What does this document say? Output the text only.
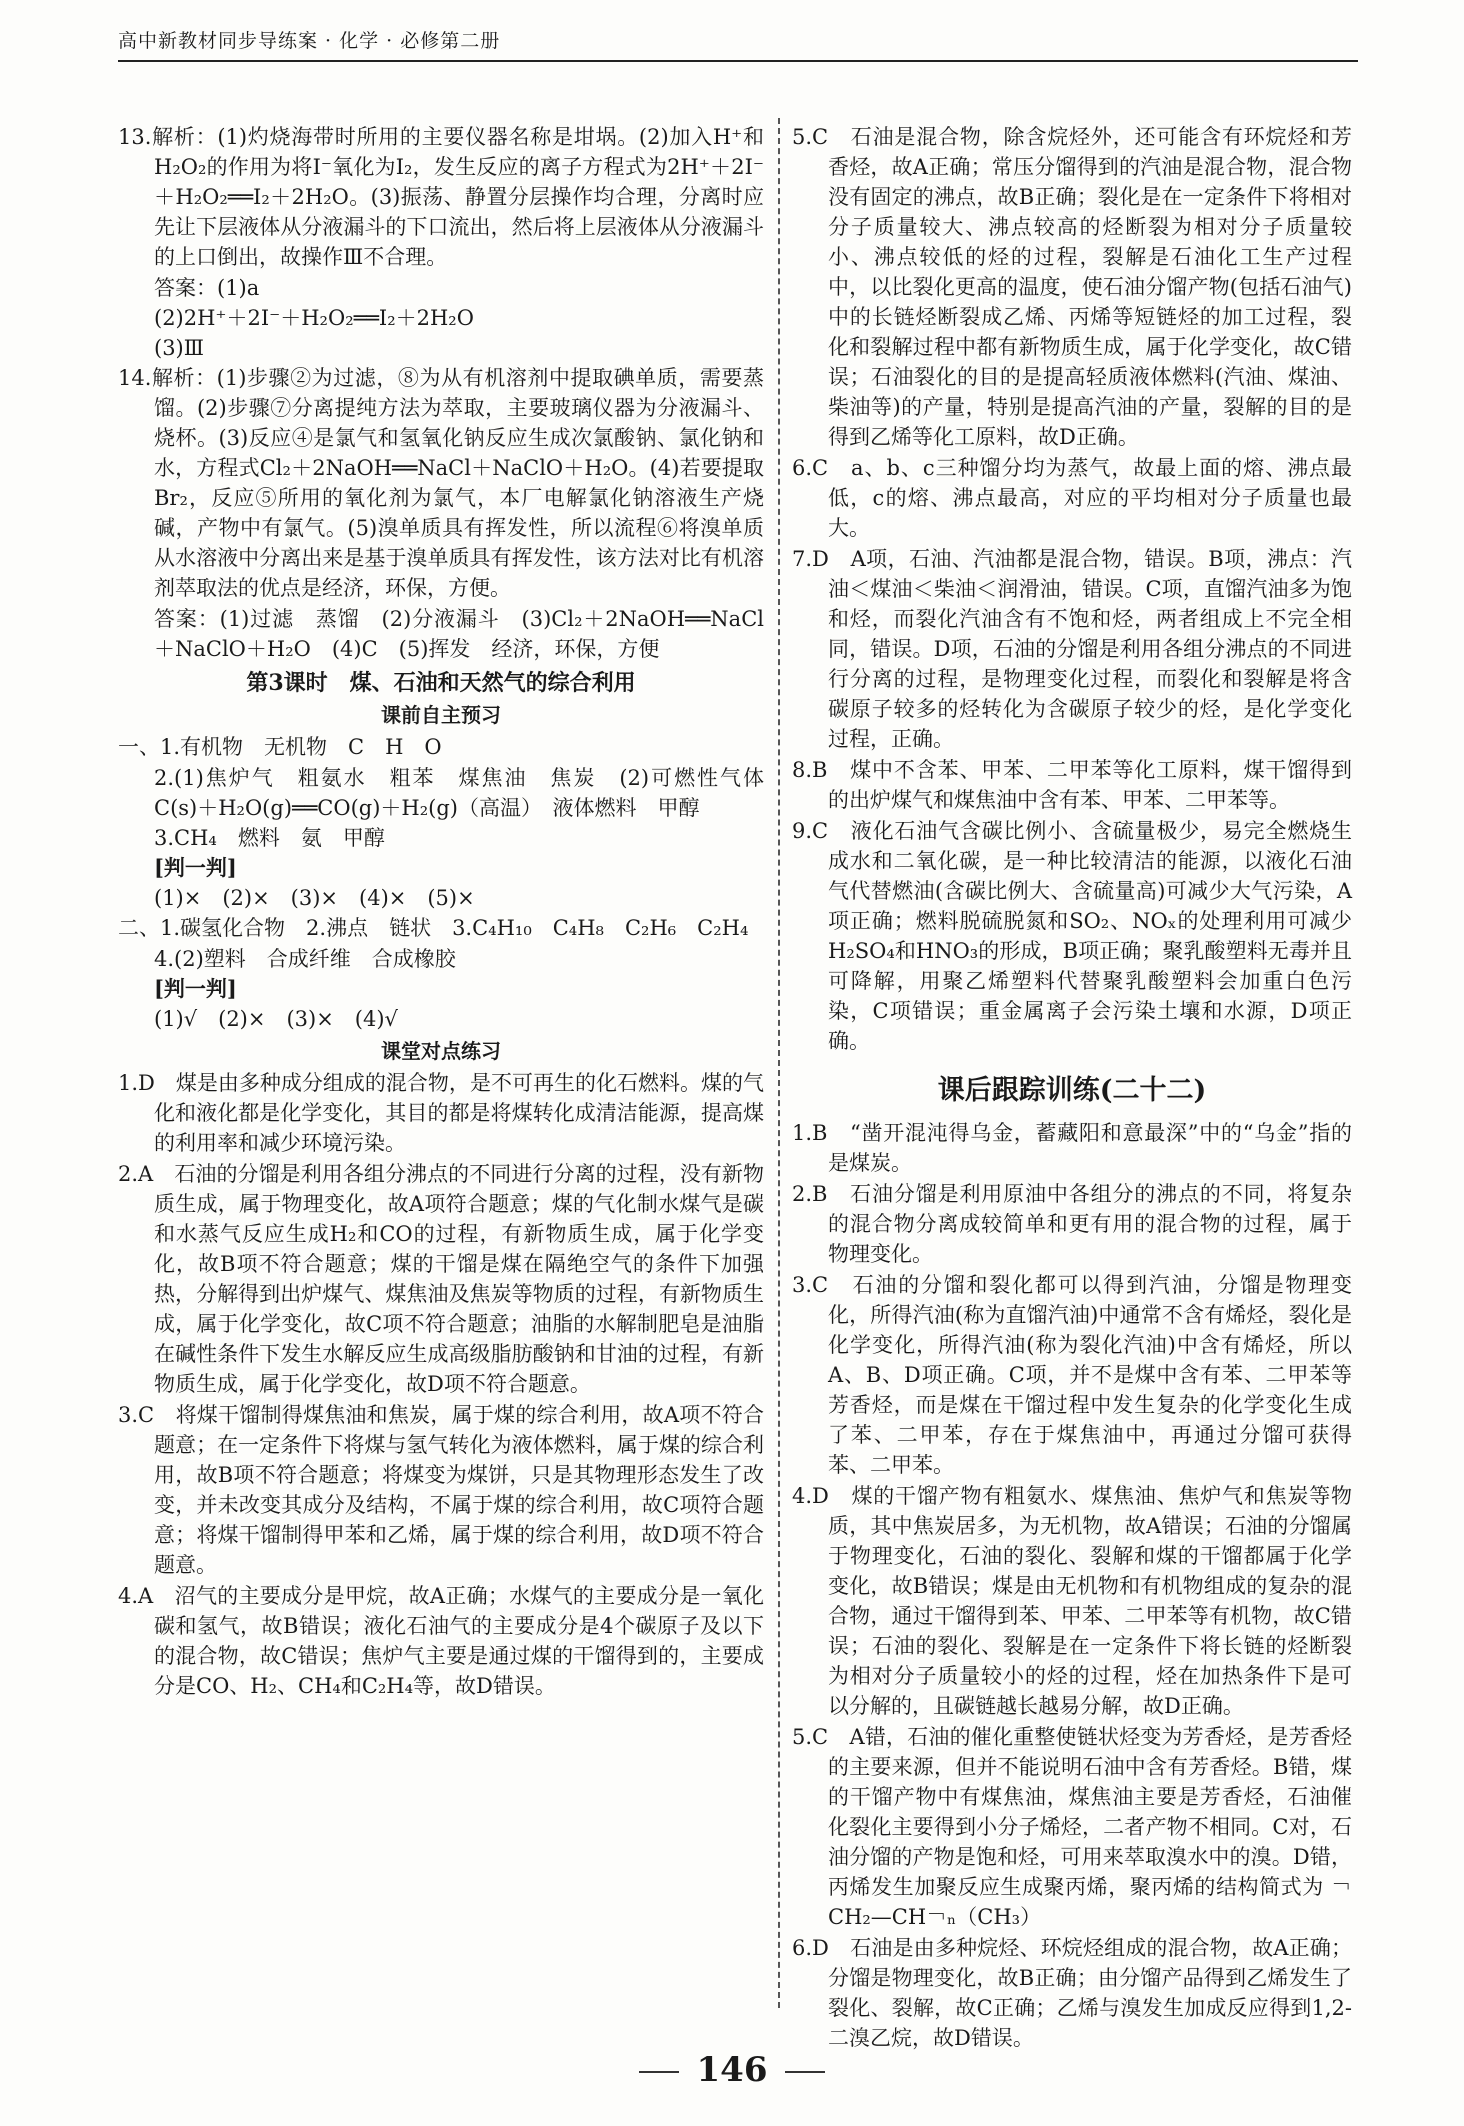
高中新教材同步导练案 · 化学 · 必修第二册

13.解析：(1)灼烧海带时所用的主要仪器名称是坩埚。(2)加入H⁺和H₂O₂的作用为将I⁻氧化为I₂，发生反应的离子方程式为2H⁺＋2I⁻＋H₂O₂══I₂＋2H₂O。(3)振荡、静置分层操作均合理，分离时应先让下层液体从分液漏斗的下口流出，然后将上层液体从分液漏斗的上口倒出，故操作Ⅲ不合理。

答案：(1)a

(2)2H⁺＋2I⁻＋H₂O₂══I₂＋2H₂O

(3)Ⅲ

14.解析：(1)步骤②为过滤，⑧为从有机溶剂中提取碘单质，需要蒸馏。(2)步骤⑦分离提纯方法为萃取，主要玻璃仪器为分液漏斗、烧杯。(3)反应④是氯气和氢氧化钠反应生成次氯酸钠、氯化钠和水，方程式Cl₂＋2NaOH══NaCl＋NaClO＋H₂O。(4)若要提取Br₂，反应⑤所用的氧化剂为氯气，本厂电解氯化钠溶液生产烧碱，产物中有氯气。(5)溴单质具有挥发性，所以流程⑥将溴单质从水溶液中分离出来是基于溴单质具有挥发性，该方法对比有机溶剂萃取法的优点是经济，环保，方便。

答案：(1)过滤　蒸馏　(2)分液漏斗　(3)Cl₂＋2NaOH══NaCl＋NaClO＋H₂O　(4)C　(5)挥发　经济，环保，方便

第3课时　煤、石油和天然气的综合利用

课前自主预习

一、1.有机物　无机物　C　H　O

2.(1)焦炉气　粗氨水　粗苯　煤焦油　焦炭　(2)可燃性气体　C(s)＋H₂O(g)══CO(g)＋H₂(g)（高温）　液体燃料　甲醇

3.CH₄　燃料　氨　甲醇

[判一判]

(1)×　(2)×　(3)×　(4)×　(5)×

二、1.碳氢化合物　2.沸点　链状　3.C₄H₁₀　C₄H₈　C₂H₆　C₂H₄

4.(2)塑料　合成纤维　合成橡胶

[判一判]

(1)√　(2)×　(3)×　(4)√

课堂对点练习

1.D　煤是由多种成分组成的混合物，是不可再生的化石燃料。煤的气化和液化都是化学变化，其目的都是将煤转化成清洁能源，提高煤的利用率和减少环境污染。

2.A　石油的分馏是利用各组分沸点的不同进行分离的过程，没有新物质生成，属于物理变化，故A项符合题意；煤的气化制水煤气是碳和水蒸气反应生成H₂和CO的过程，有新物质生成，属于化学变化，故B项不符合题意；煤的干馏是煤在隔绝空气的条件下加强热，分解得到出炉煤气、煤焦油及焦炭等物质的过程，有新物质生成，属于化学变化，故C项不符合题意；油脂的水解制肥皂是油脂在碱性条件下发生水解反应生成高级脂肪酸钠和甘油的过程，有新物质生成，属于化学变化，故D项不符合题意。

3.C　将煤干馏制得煤焦油和焦炭，属于煤的综合利用，故A项不符合题意；在一定条件下将煤与氢气转化为液体燃料，属于煤的综合利用，故B项不符合题意；将煤变为煤饼，只是其物理形态发生了改变，并未改变其成分及结构，不属于煤的综合利用，故C项符合题意；将煤干馏制得甲苯和乙烯，属于煤的综合利用，故D项不符合题意。

4.A　沼气的主要成分是甲烷，故A正确；水煤气的主要成分是一氧化碳和氢气，故B错误；液化石油气的主要成分是4个碳原子及以下的混合物，故C错误；焦炉气主要是通过煤的干馏得到的，主要成分是CO、H₂、CH₄和C₂H₄等，故D错误。

5.C　石油是混合物，除含烷烃外，还可能含有环烷烃和芳香烃，故A正确；常压分馏得到的汽油是混合物，混合物没有固定的沸点，故B正确；裂化是在一定条件下将相对分子质量较大、沸点较高的烃断裂为相对分子质量较小、沸点较低的烃的过程，裂解是石油化工生产过程中，以比裂化更高的温度，使石油分馏产物(包括石油气)中的长链烃断裂成乙烯、丙烯等短链烃的加工过程，裂化和裂解过程中都有新物质生成，属于化学变化，故C错误；石油裂化的目的是提高轻质液体燃料(汽油、煤油、柴油等)的产量，特别是提高汽油的产量，裂解的目的是得到乙烯等化工原料，故D正确。

6.C　a、b、c三种馏分均为蒸气，故最上面的熔、沸点最低，c的熔、沸点最高，对应的平均相对分子质量也最大。

7.D　A项，石油、汽油都是混合物，错误。B项，沸点：汽油＜煤油＜柴油＜润滑油，错误。C项，直馏汽油多为饱和烃，而裂化汽油含有不饱和烃，两者组成上不完全相同，错误。D项，石油的分馏是利用各组分沸点的不同进行分离的过程，是物理变化过程，而裂化和裂解是将含碳原子较多的烃转化为含碳原子较少的烃，是化学变化过程，正确。

8.B　煤中不含苯、甲苯、二甲苯等化工原料，煤干馏得到的出炉煤气和煤焦油中含有苯、甲苯、二甲苯等。

9.C　液化石油气含碳比例小、含硫量极少，易完全燃烧生成水和二氧化碳，是一种比较清洁的能源，以液化石油气代替燃油(含碳比例大、含硫量高)可减少大气污染，A项正确；燃料脱硫脱氮和SO₂、NOₓ的处理利用可减少H₂SO₄和HNO₃的形成，B项正确；聚乳酸塑料无毒并且可降解，用聚乙烯塑料代替聚乳酸塑料会加重白色污染，C项错误；重金属离子会污染土壤和水源，D项正确。

课后跟踪训练(二十二)

1.B　“凿开混沌得乌金，蓄藏阳和意最深”中的“乌金”指的是煤炭。

2.B　石油分馏是利用原油中各组分的沸点的不同，将复杂的混合物分离成较简单和更有用的混合物的过程，属于物理变化。

3.C　石油的分馏和裂化都可以得到汽油，分馏是物理变化，所得汽油(称为直馏汽油)中通常不含有烯烃，裂化是化学变化，所得汽油(称为裂化汽油)中含有烯烃，所以A、B、D项正确。C项，并不是煤中含有苯、二甲苯等芳香烃，而是煤在干馏过程中发生复杂的化学变化生成了苯、二甲苯，存在于煤焦油中，再通过分馏可获得苯、二甲苯。

4.D　煤的干馏产物有粗氨水、煤焦油、焦炉气和焦炭等物质，其中焦炭居多，为无机物，故A错误；石油的分馏属于物理变化，石油的裂化、裂解和煤的干馏都属于化学变化，故B错误；煤是由无机物和有机物组成的复杂的混合物，通过干馏得到苯、甲苯、二甲苯等有机物，故C错误；石油的裂化、裂解是在一定条件下将长链的烃断裂为相对分子质量较小的烃的过程，烃在加热条件下是可以分解的，且碳链越长越易分解，故D正确。

5.C　A错，石油的催化重整使链状烃变为芳香烃，是芳香烃的主要来源，但并不能说明石油中含有芳香烃。B错，煤的干馏产物中有煤焦油，煤焦油主要是芳香烃，石油催化裂化主要得到小分子烯烃，二者产物不相同。C对，石油分馏的产物是饱和烃，可用来萃取溴水中的溴。D错，丙烯发生加聚反应生成聚丙烯，聚丙烯的结构简式为 ￢CH₂—CH￢ₙ（CH₃）

6.D　石油是由多种烷烃、环烷烃组成的混合物，故A正确；分馏是物理变化，故B正确；由分馏产品得到乙烯发生了裂化、裂解，故C正确；乙烯与溴发生加成反应得到1,2-二溴乙烷，故D错误。

146
